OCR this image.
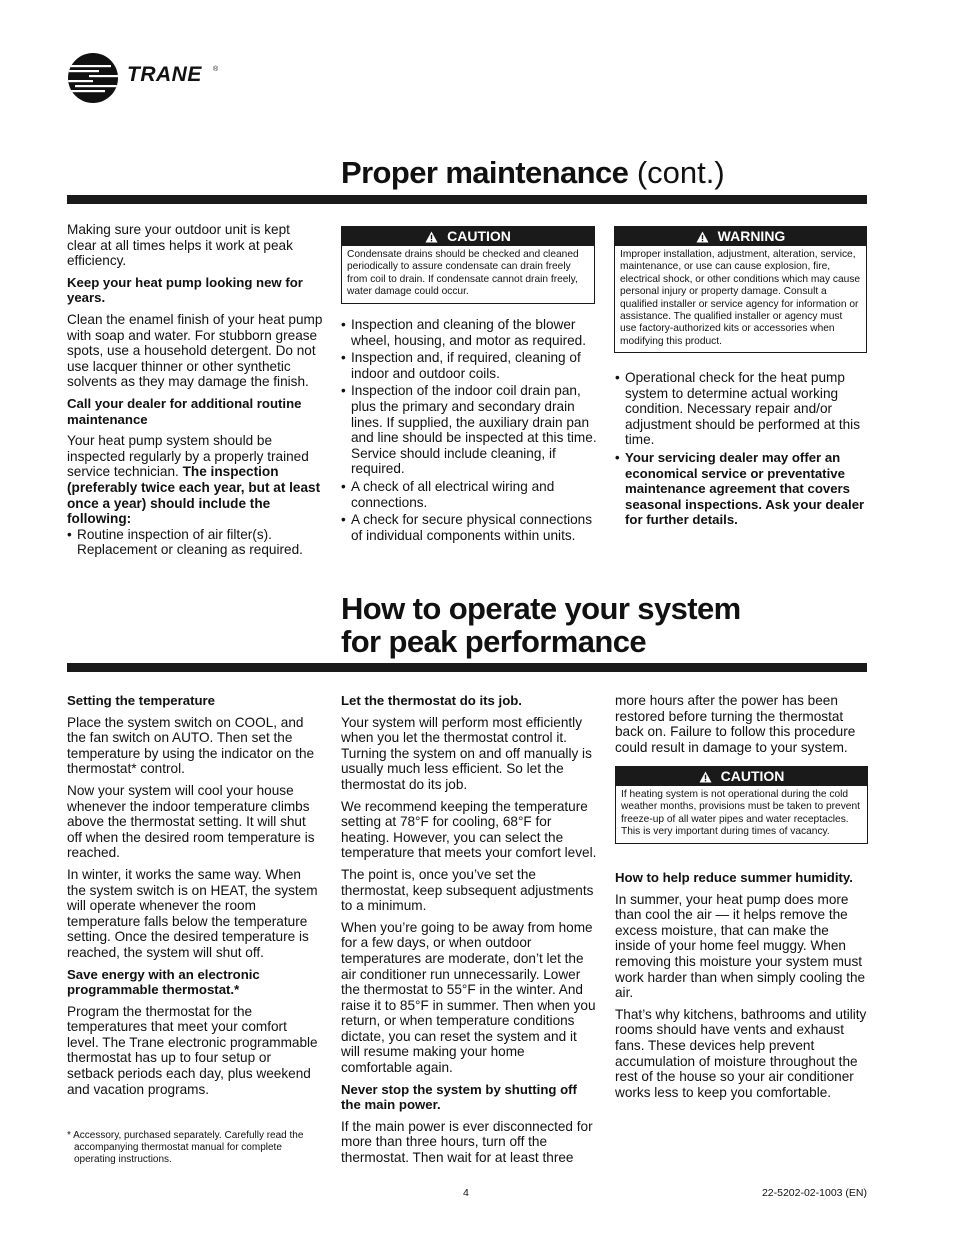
TRANE ®
Proper maintenance (cont.)

Making sure your outdoor unit is kept clear at all times helps it work at peak efficiency.

Keep your heat pump looking new for years.

Clean the enamel finish of your heat pump with soap and water. For stubborn grease spots, use a household detergent. Do not use lacquer thinner or other synthetic solvents as they may damage the finish.

Call your dealer for additional routine maintenance

Your heat pump system should be inspected regularly by a properly trained service technician. The inspection (preferably twice each year, but at least once a year) should include the following:

• Routine inspection of air filter(s). Replacement or cleaning as required.
CAUTION
Condensate drains should be checked and cleaned periodically to assure condensate can drain freely from coil to drain. If condensate cannot drain freely, water damage could occur.
• Inspection and cleaning of the blower wheel, housing, and motor as required.
• Inspection and, if required, cleaning of indoor and outdoor coils.
• Inspection of the indoor coil drain pan, plus the primary and secondary drain lines. If supplied, the auxiliary drain pan and line should be inspected at this time. Service should include cleaning, if required.
• A check of all electrical wiring and connections.
• A check for secure physical connections of individual components within units.
WARNING
Improper installation, adjustment, alteration, service, maintenance, or use can cause explosion, fire, electrical shock, or other conditions which may cause personal injury or property damage. Consult a qualified installer or service agency for information or assistance. The qualified installer or agency must use factory-authorized kits or accessories when modifying this product.
• Operational check for the heat pump system to determine actual working condition. Necessary repair and/or adjustment should be performed at this time.
• Your servicing dealer may offer an economical service or preventative maintenance agreement that covers seasonal inspections. Ask your dealer for further details.
How to operate your system
for peak performance

Setting the temperature

Place the system switch on COOL, and the fan switch on AUTO. Then set the temperature by using the indicator on the thermostat* control.

Now your system will cool your house whenever the indoor temperature climbs above the thermostat setting. It will shut off when the desired room temperature is reached.

In winter, it works the same way. When the system switch is on HEAT, the system will operate whenever the room temperature falls below the temperature setting. Once the desired temperature is reached, the system will shut off.

Save energy with an electronic programmable thermostat.*

Program the thermostat for the temperatures that meet your comfort level. The Trane electronic programmable thermostat has up to four setup or setback periods each day, plus weekend and vacation programs.

Let the thermostat do its job.

Your system will perform most efficiently when you let the thermostat control it. Turning the system on and off manually is usually much less efficient. So let the thermostat do its job.

We recommend keeping the temperature setting at 78°F for cooling, 68°F for heating. However, you can select the temperature that meets your comfort level.

The point is, once you’ve set the thermostat, keep subsequent adjustments to a minimum.

When you’re going to be away from home for a few days, or when outdoor temperatures are moderate, don’t let the air conditioner run unnecessarily. Lower the thermostat to 55°F in the winter. And raise it to 85°F in summer. Then when you return, or when temperature conditions dictate, you can reset the system and it will resume making your home comfortable again.

Never stop the system by shutting off the main power.

If the main power is ever disconnected for more than three hours, turn off the thermostat. Then wait for at least three

more hours after the power has been restored before turning the thermostat back on. Failure to follow this procedure could result in damage to your system.

CAUTION
If heating system is not operational during the cold weather months, provisions must be taken to prevent freeze-up of all water pipes and water receptacles. This is very important during times of vacancy.

How to help reduce summer humidity.

In summer, your heat pump does more than cool the air — it helps remove the excess moisture, that can make the inside of your home feel muggy. When removing this moisture your system must work harder than when simply cooling the air.

That’s why kitchens, bathrooms and utility rooms should have vents and exhaust fans. These devices help prevent accumulation of moisture throughout the rest of the house so your air conditioner works less to keep you comfortable.

* Accessory, purchased separately. Carefully read the accompanying thermostat manual for complete operating instructions.
4	22-5202-02-1003 (EN)
